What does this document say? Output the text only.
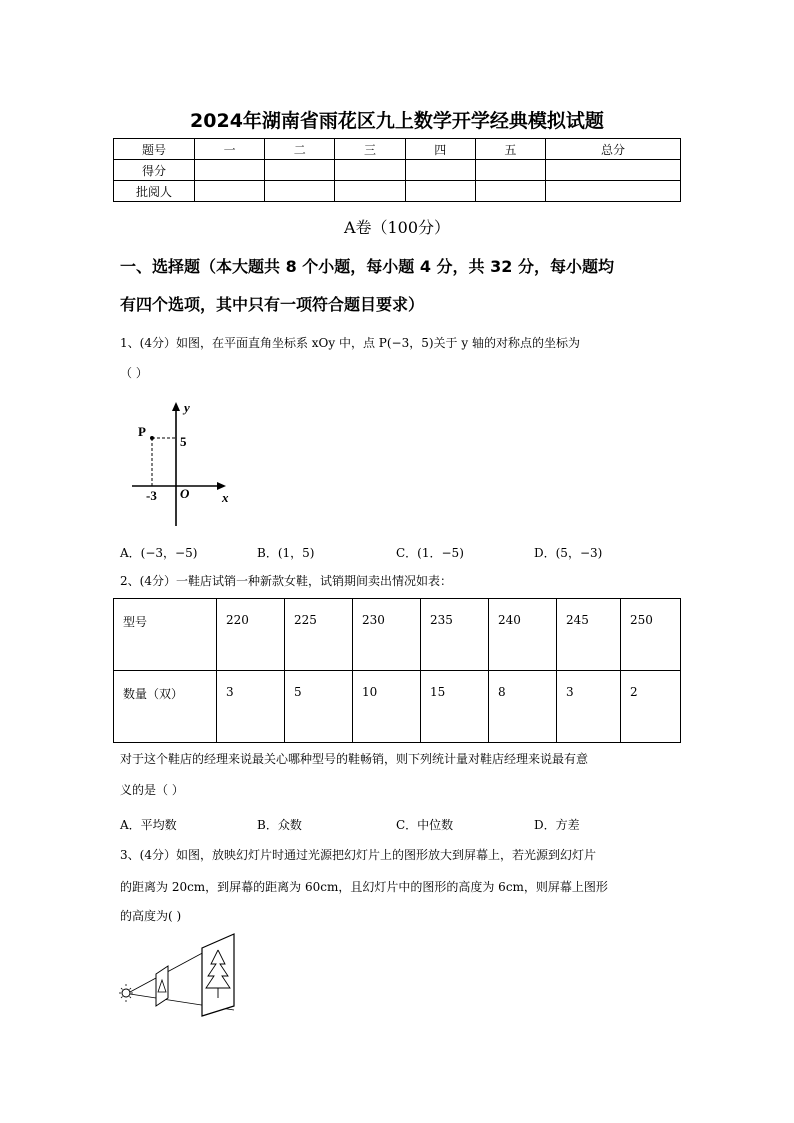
2024年湖南省雨花区九上数学开学经典模拟试题
题号	一	二	三	四	五	总分
得分						
批阅人						
A卷（100分）
一、选择题（本大题共 8 个小题，每小题 4 分，共 32 分，每小题均
有四个选项，其中只有一项符合题目要求）
1、(4分）如图，在平面直角坐标系 xOy 中，点 P(−3，5)关于 y 轴的对称点的坐标为
（ ）
P
y
5
-3 O	x
A．(−3，−5)	B．(1，5)	C．(1．−5)	D．(5，−3)
2、(4分）一鞋店试销一种新款女鞋，试销期间卖出情况如表：
型号	220	225	230	235	240	245	250
数量（双）	3	5	10	15	8	3	2
对于这个鞋店的经理来说最关心哪种型号的鞋畅销，则下列统计量对鞋店经理来说最有意
义的是（ ）
A．平均数	B．众数	C．中位数	D．方差
3、(4分）如图，放映幻灯片时通过光源把幻灯片上的图形放大到屏幕上，若光源到幻灯片
的距离为 20cm，到屏幕的距离为 60cm，且幻灯片中的图形的高度为 6cm，则屏幕上图形
的高度为( )
